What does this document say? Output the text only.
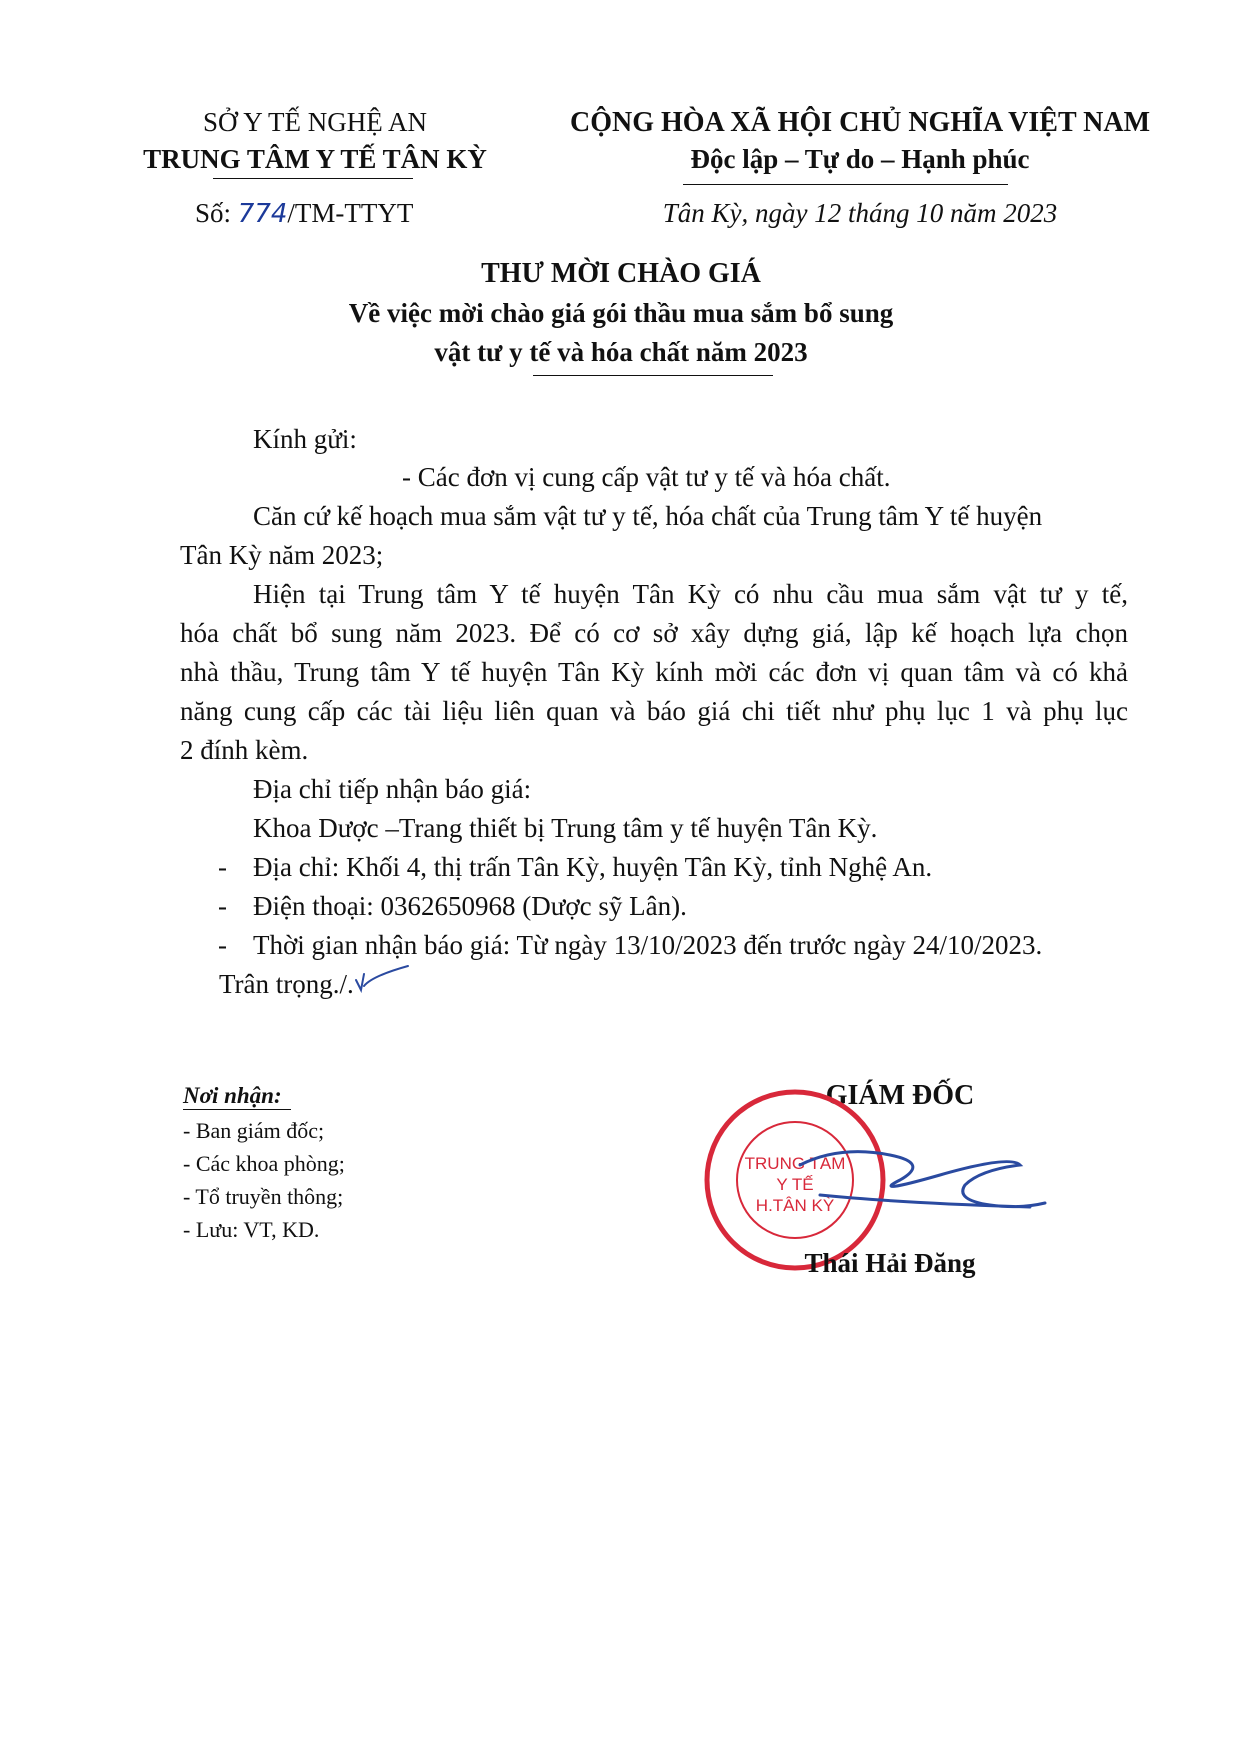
SỞ Y TẾ NGHỆ AN
TRUNG TÂM Y TẾ TÂN KỲ
Số: 774/TM-TTYT
CỘNG HÒA XÃ HỘI CHỦ NGHĨA VIỆT NAM
Độc lập – Tự do – Hạnh phúc
Tân Kỳ, ngày 12 tháng 10 năm 2023
THƯ MỜI CHÀO GIÁ
Về việc mời chào giá gói thầu mua sắm bổ sung
vật tư y tế và hóa chất năm 2023
Kính gửi:
- Các đơn vị cung cấp vật tư y tế và hóa chất.
Căn cứ kế hoạch mua sắm vật tư y tế, hóa chất của Trung tâm Y tế huyện
Tân Kỳ năm 2023;
Hiện tại Trung tâm Y tế huyện Tân Kỳ có nhu cầu mua sắm vật tư y tế,
hóa chất bổ sung năm 2023. Để có cơ sở xây dựng giá, lập kế hoạch lựa chọn
nhà thầu, Trung tâm Y tế huyện Tân Kỳ kính mời các đơn vị quan tâm và có khả
năng cung cấp các tài liệu liên quan và báo giá chi tiết như phụ lục 1 và phụ lục
2 đính kèm.
Địa chỉ tiếp nhận báo giá:
Khoa Dược –Trang thiết bị Trung tâm y tế huyện Tân Kỳ.
- Địa chỉ: Khối 4, thị trấn Tân Kỳ, huyện Tân Kỳ, tỉnh Nghệ An.
- Điện thoại: 0362650968 (Dược sỹ Lân).
- Thời gian nhận báo giá: Từ ngày 13/10/2023 đến trước ngày 24/10/2023.
Trân trọng./.
Nơi nhận:
- Ban giám đốc;
- Các khoa phòng;
- Tổ truyền thông;
- Lưu: VT, KD.
GIÁM ĐỐC
TRUNG TÂM
Y TẾ
H.TÂN KỲ
Thái Hải Đăng
